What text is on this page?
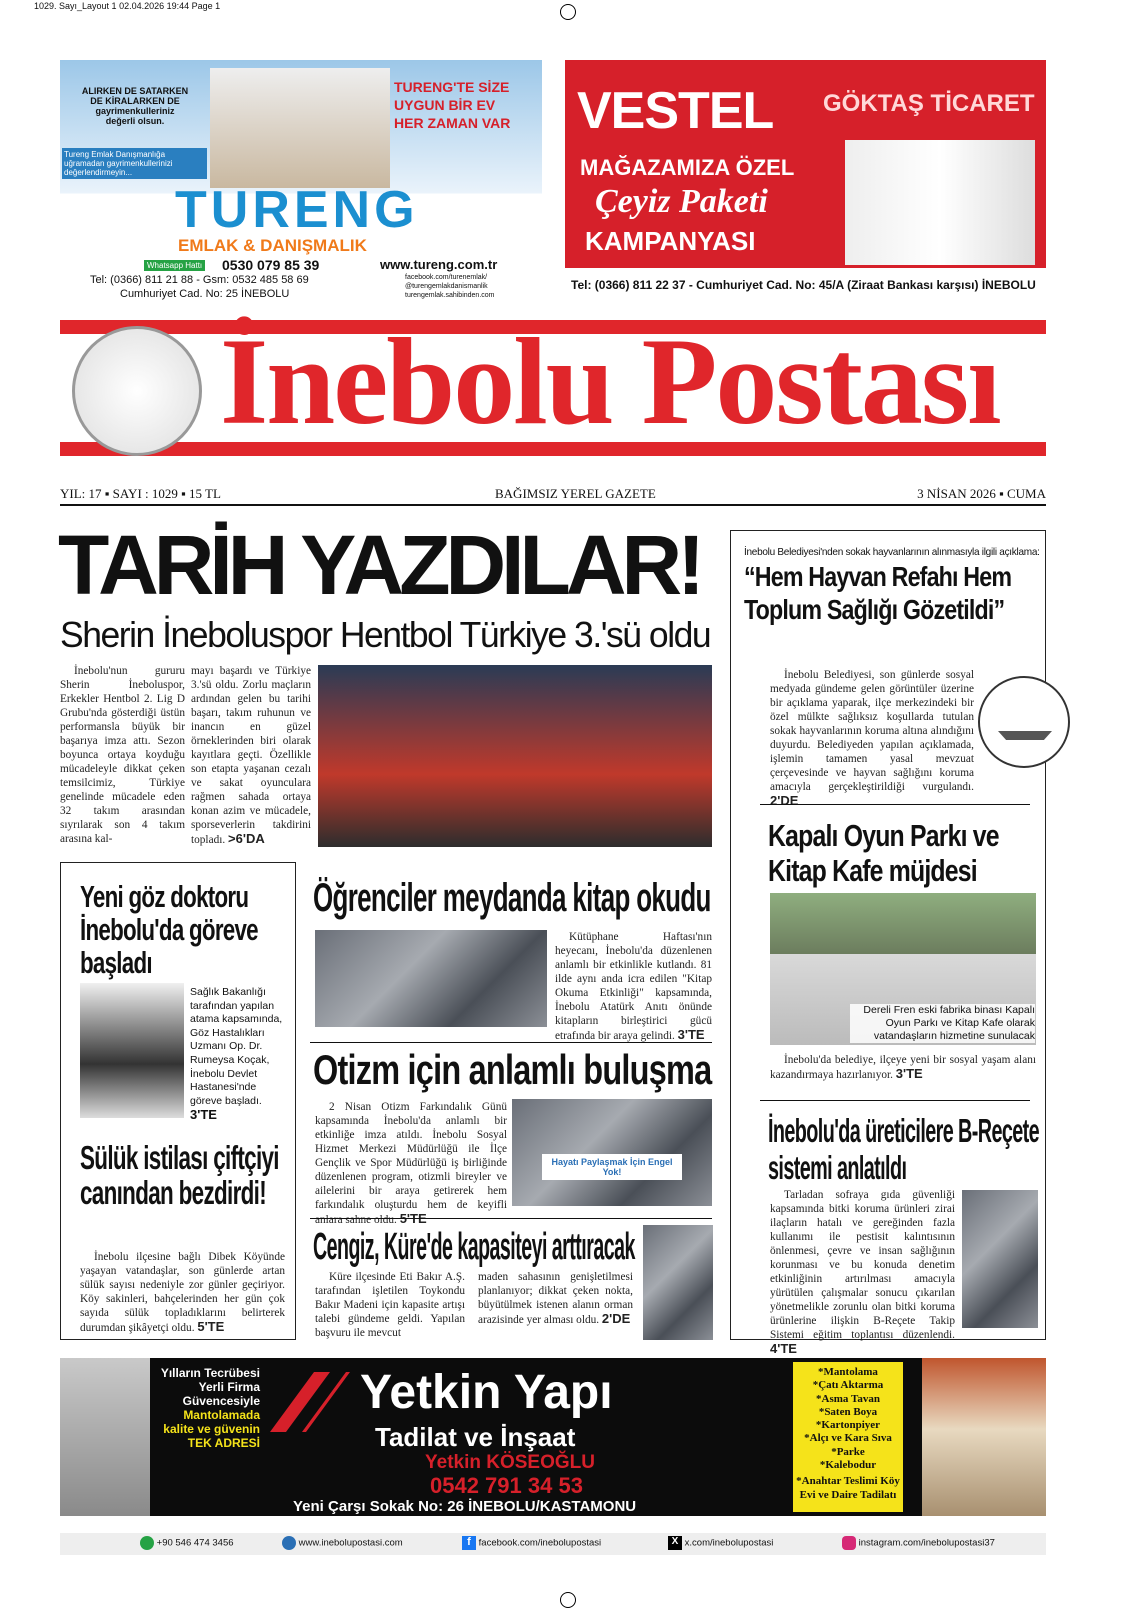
1029. Sayı_Layout 1 02.04.2026 19:44 Page 1
ALIRKEN DE SATARKEN DE KİRALARKEN DE gayrimenkulleriniz değerli olsun.
TURENG'TE SİZE UYGUN BİR EV HER ZAMAN VAR
Tureng Emlak Danışmanlığa uğramadan gayrimenkullerinizi değerlendirmeyin...
TURENG
EMLAK & DANIŞMALIK
Whatsapp Hattı 0530 079 85 39	www.tureng.com.tr
Tel: (0366) 811 21 88 - Gsm: 0532 485 58 69
Cumhuriyet Cad. No: 25 İNEBOLU
facebook.com/turenemlak/
@turengemlakdanismanlik
turengemlak.sahibinden.com
VESTEL GÖKTAŞ TİCARET
MAĞAZAMIZA ÖZEL
Çeyiz Paketi
KAMPANYASI
Tel: (0366) 811 22 37 - Cumhuriyet Cad. No: 45/A (Ziraat Bankası karşısı) İNEBOLU
İnebolu Postası
YIL: 17 ▪ SAYI : 1029 ▪ 15 TL	BAĞIMSIZ YEREL GAZETE	3 NİSAN 2026 ▪ CUMA
TARİH YAZDILAR!
Sherin İneboluspor Hentbol Türkiye 3.'sü oldu
İnebolu'nun gururu Sherin İneboluspor, Erkekler Hentbol 2. Lig D Grubu'nda gösterdiği üstün performansla büyük bir başarıya imza attı. Sezon boyunca ortaya koyduğu mücadeleyle dikkat çeken temsilcimiz, Türkiye genelinde mücadele eden 32 takım arasından sıyrılarak son 4 takım arasına kal-
mayı başardı ve Türkiye 3.'sü oldu. Zorlu maçların ardından gelen bu tarihi başarı, takım ruhunun ve inancın en güzel örneklerinden biri olarak kayıtlara geçti. Özellikle son etapta yaşanan cezalı ve sakat oyunculara rağmen sahada ortaya konan azim ve mücadele, sporseverlerin takdirini topladı. >6'DA
İnebolu Belediyesi'nden sokak hayvanlarının alınmasıyla ilgili açıklama:
“Hem Hayvan Refahı Hem Toplum Sağlığı Gözetildi”
İnebolu Belediyesi, son günlerde sosyal medyada gündeme gelen görüntüler üzerine bir açıklama yaparak, ilçe merkezindeki bir özel mülkte sağlıksız koşullarda tutulan sokak hayvanlarının koruma altına alındığını duyurdu. Belediyeden yapılan açıklamada, işlemin tamamen yasal mevzuat çerçevesinde ve hayvan sağlığını koruma amacıyla gerçekleştirildiği vurgulandı. 2'DE
Kapalı Oyun Parkı ve Kitap Kafe müjdesi
Dereli Fren eski fabrika binası Kapalı Oyun Parkı ve Kitap Kafe olarak vatandaşların hizmetine sunulacak
İnebolu'da belediye, ilçeye yeni bir sosyal yaşam alanı kazandırmaya hazırlanıyor. 3'TE
İnebolu'da üreticilere B-Reçete sistemi anlatıldı
Tarladan sofraya gıda güvenliği kapsamında bitki koruma ürünleri zirai ilaçların hatalı ve gereğinden fazla kullanımı ile pestisit kalıntısının önlenmesi, çevre ve insan sağlığının korunması ve bu konuda denetim etkinliğinin artırılması amacıyla yürütülen çalışmalar sonucu çıkarılan yönetmelikle zorunlu olan bitki koruma ürünlerine ilişkin B-Reçete Takip Sistemi eğitim toplantısı düzenlendi. 4'TE
Yeni göz doktoru İnebolu'da göreve başladı
Sağlık Bakanlığı tarafından yapılan atama kapsamında, Göz Hastalıkları Uzmanı Op. Dr. Rumeysa Koçak, İnebolu Devlet Hastanesi'nde göreve başladı. 3'TE
Sülük istilası çiftçiyi canından bezdirdi!
İnebolu ilçesine bağlı Dibek Köyünde yaşayan vatandaşlar, son günlerde artan sülük sayısı nedeniyle zor günler geçiriyor. Köy sakinleri, bahçelerinden her gün çok sayıda sülük topladıklarını belirterek durumdan şikâyetçi oldu. 5'TE
Öğrenciler meydanda kitap okudu
Kütüphane Haftası'nın heyecanı, İnebolu'da düzenlenen anlamlı bir etkinlikle kutlandı. 81 ilde aynı anda icra edilen "Kitap Okuma Etkinliği" kapsamında, İnebolu Atatürk Anıtı önünde kitapların birleştirici gücü etrafında bir araya gelindi. 3'TE
Otizm için anlamlı buluşma
2 Nisan Otizm Farkındalık Günü kapsamında İnebolu'da anlamlı bir etkinliğe imza atıldı. İnebolu Sosyal Hizmet Merkezi Müdürlüğü ile İlçe Gençlik ve Spor Müdürlüğü iş birliğinde düzenlenen program, otizmli bireyler ve ailelerini bir araya getirerek hem farkındalık oluşturdu hem de keyifli anlara sahne oldu. 5'TE
Hayatı Paylaşmak İçin Engel Yok!
Cengiz, Küre'de kapasiteyi arttıracak
Küre ilçesinde Eti Bakır A.Ş. tarafından işletilen Toykondu Bakır Madeni için kapasite artışı talebi gündeme geldi. Yapılan başvuru ile mevcut
maden sahasının genişletilmesi planlanıyor; dikkat çeken nokta, büyütülmek istenen alanın orman arazisinde yer alması oldu. 2'DE
Yılların Tecrübesi
Yerli Firma
Güvencesiyle
Mantolamada
kalite ve güvenin
TEK ADRESİ
Yetkin Yapı
Tadilat ve İnşaat
Yetkin KÖSEOĞLU
0542 791 34 53
Yeni Çarşı Sokak No: 26 İNEBOLU/KASTAMONU
*Mantolama
*Çatı Aktarma
*Asma Tavan
*Saten Boya
*Kartonpiyer
*Alçı ve Kara Sıva
*Parke
*Kalebodur
*Anahtar Teslimi Köy Evi ve Daire Tadilatı
+90 546 474 3456	www.inebolupostasi.com	f facebook.com/inebolupostasi	X x.com/inebolupostasi	instagram.com/inebolupostasi37
